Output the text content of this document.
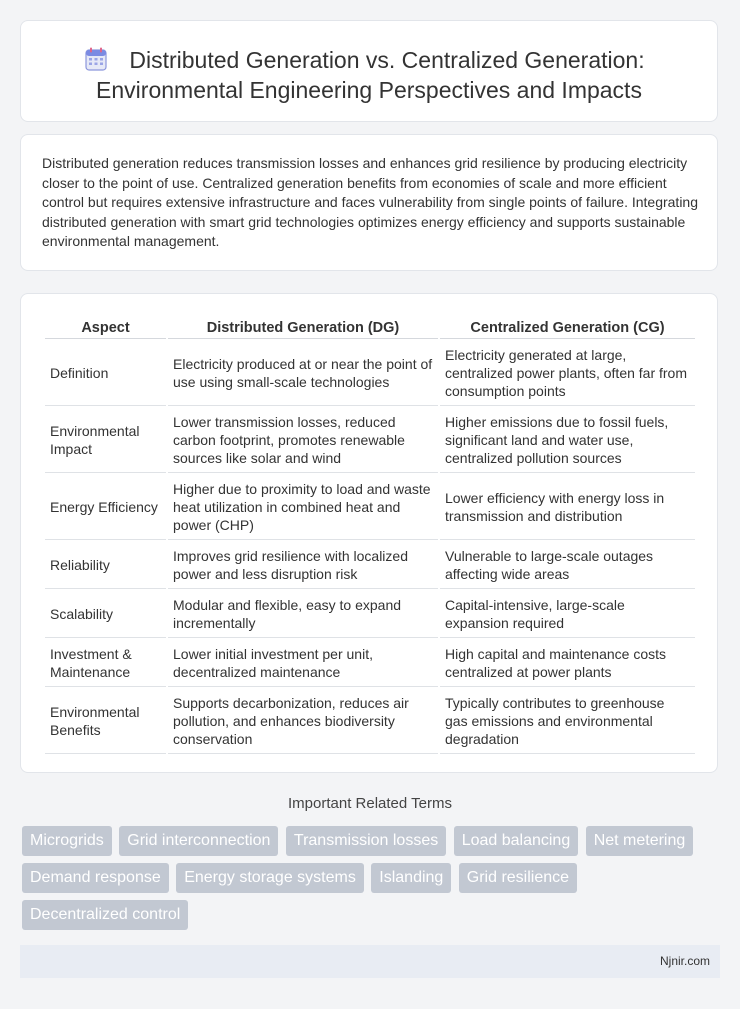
Distributed Generation vs. Centralized Generation:
Environmental Engineering Perspectives and Impacts

Distributed generation reduces transmission losses and enhances grid resilience by producing electricity closer to the point of use. Centralized generation benefits from economies of scale and more efficient control but requires extensive infrastructure and faces vulnerability from single points of failure. Integrating distributed generation with smart grid technologies optimizes energy efficiency and supports sustainable environmental management.

Aspect	Distributed Generation (DG)	Centralized Generation (CG)
Definition	Electricity produced at or near the point of use using small-scale technologies	Electricity generated at large, centralized power plants, often far from consumption points
Environmental Impact	Lower transmission losses, reduced carbon footprint, promotes renewable sources like solar and wind	Higher emissions due to fossil fuels, significant land and water use, centralized pollution sources
Energy Efficiency	Higher due to proximity to load and waste heat utilization in combined heat and power (CHP)	Lower efficiency with energy loss in transmission and distribution
Reliability	Improves grid resilience with localized power and less disruption risk	Vulnerable to large-scale outages affecting wide areas
Scalability	Modular and flexible, easy to expand incrementally	Capital-intensive, large-scale expansion required
Investment & Maintenance	Lower initial investment per unit, decentralized maintenance	High capital and maintenance costs centralized at power plants
Environmental Benefits	Supports decarbonization, reduces air pollution, and enhances biodiversity conservation	Typically contributes to greenhouse gas emissions and environmental degradation
Important Related Terms
Microgrids Grid interconnection Transmission losses Load balancing Net metering Demand response Energy storage systems Islanding Grid resilience Decentralized control
Njnir.com
